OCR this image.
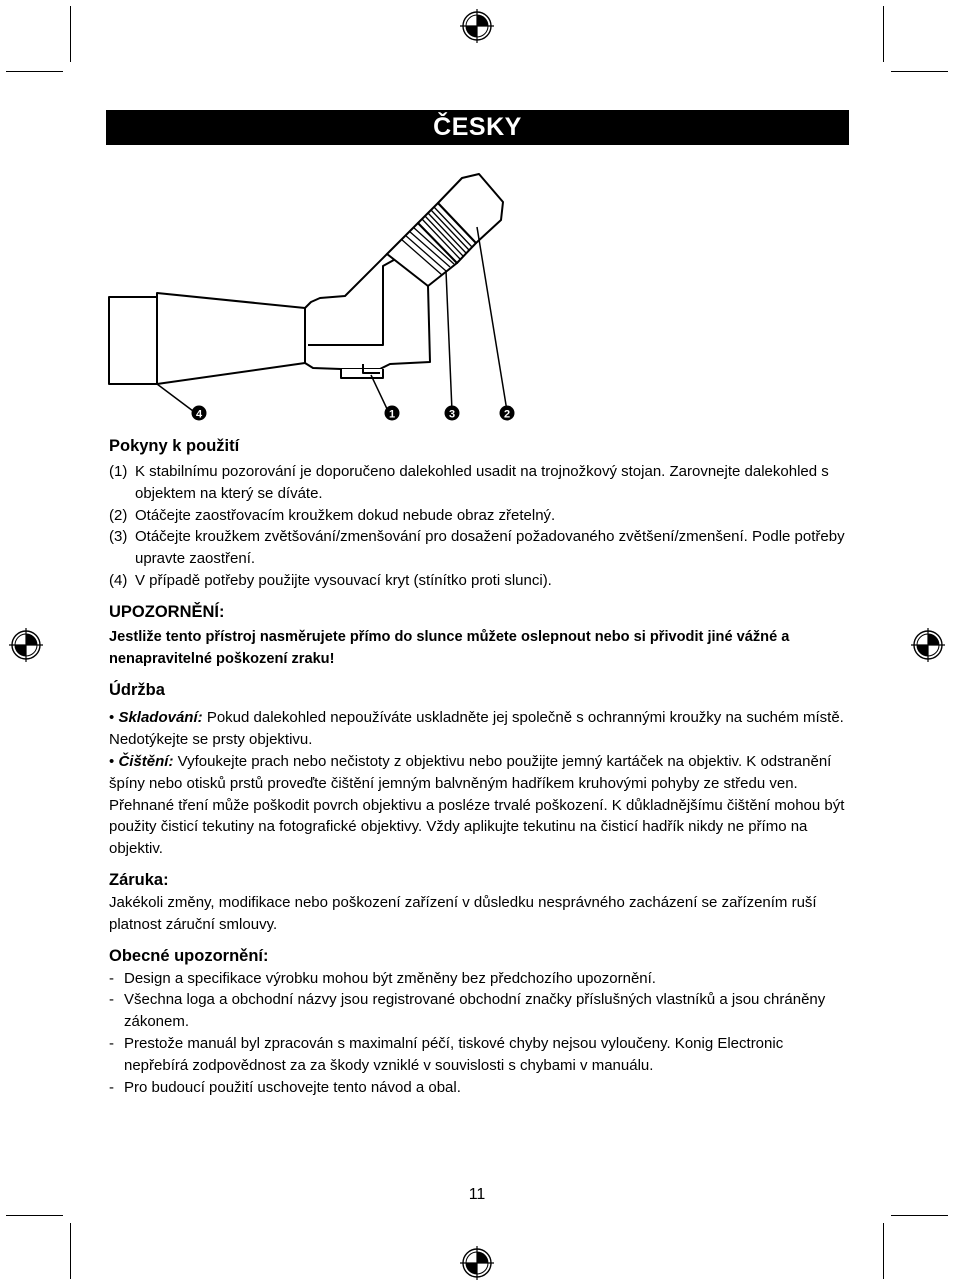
ČESKY
4	1	3	2
Pokyny k použití
(1) K stabilnímu pozorování je doporučeno dalekohled usadit na trojnožkový stojan. Zarovnejte dalekohled s objektem na který se díváte.
(2) Otáčejte zaostřovacím kroužkem dokud nebude obraz zřetelný.
(3) Otáčejte kroužkem zvětšování/zmenšování pro dosažení požadovaného zvětšení/zmenšení. Podle potřeby upravte zaostření.
(4) V případě potřeby použijte vysouvací kryt (stínítko proti slunci).
UPOZORNĚNÍ:
Jestliže tento přístroj nasměrujete přímo do slunce můžete oslepnout nebo si přivodit jiné vážné a nenapravitelné poškození zraku!
Údržba
• Skladování: Pokud dalekohled nepoužíváte uskladněte jej společně s ochrannými kroužky na suchém místě. Nedotýkejte se prsty objektivu.
• Čištění: Vyfoukejte prach nebo nečistoty z objektivu nebo použijte jemný kartáček na objektiv. K odstranění špíny nebo otisků prstů proveďte čištění jemným balvněným hadříkem kruhovými pohyby ze středu ven. Přehnané tření může poškodit povrch objektivu a posléze trvalé poškození. K důkladnějšímu čištění mohou být použity čisticí tekutiny na fotografické objektivy. Vždy aplikujte tekutinu na čisticí hadřík nikdy ne přímo na objektiv.
Záruka:
Jakékoli změny, modifikace nebo poškození zařízení v důsledku nesprávného zacházení se zařízením ruší platnost záruční smlouvy.
Obecné upozornění:
- Design a specifikace výrobku mohou být změněny bez předchozího upozornění.
- Všechna loga a obchodní názvy jsou registrované obchodní značky příslušných vlastníků a jsou chráněny zákonem.
- Prestože manuál byl zpracován s maximalní péčí, tiskové chyby nejsou vyloučeny. Konig Electronic nepřebírá zodpovědnost za za škody vzniklé v souvislosti s chybami v manuálu.
- Pro budoucí použití uschovejte tento návod a obal.
11
